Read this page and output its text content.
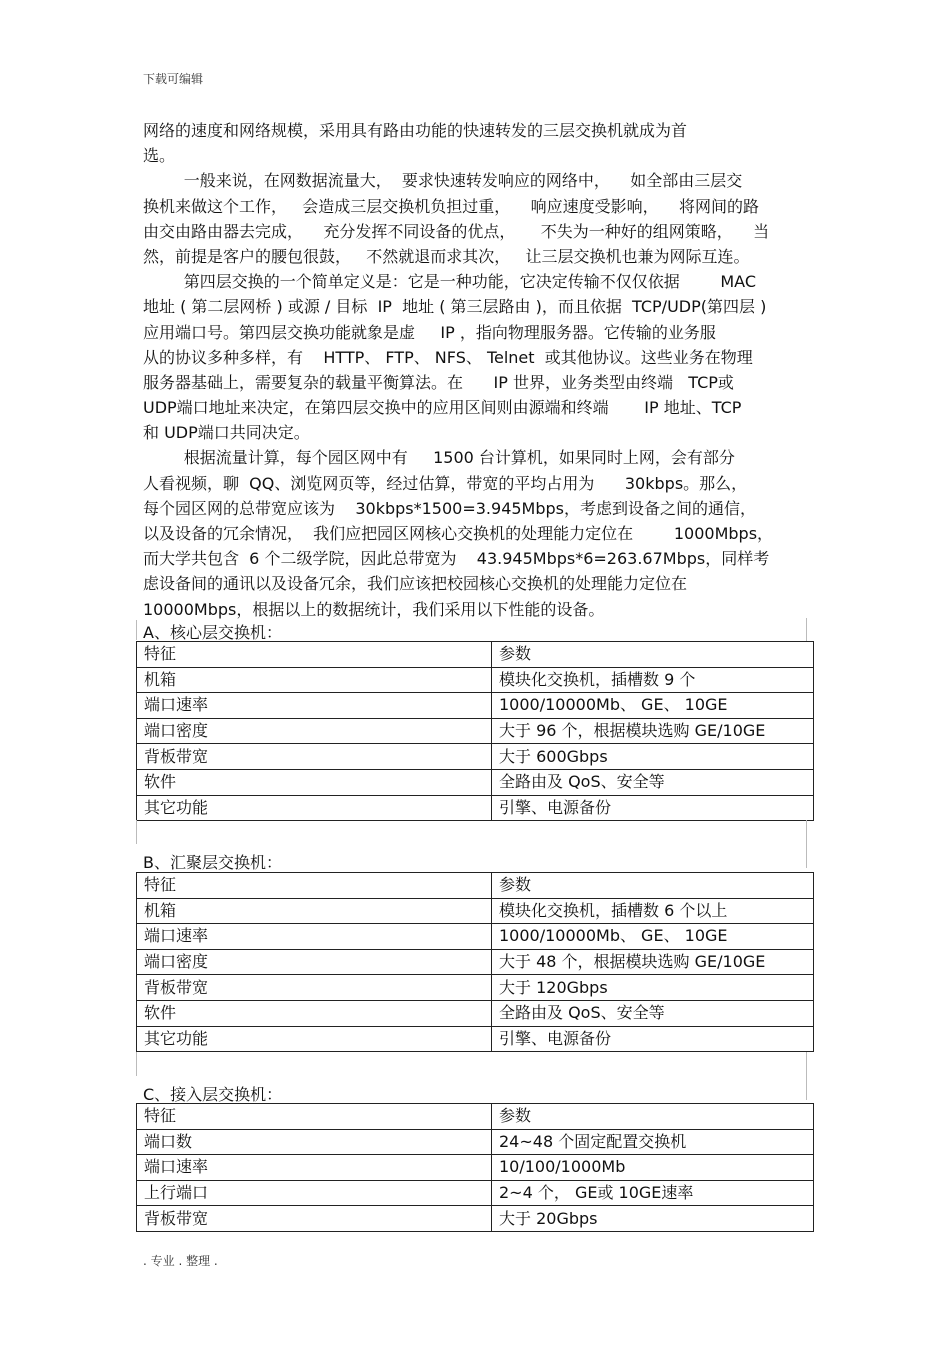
下载可编辑
网络的速度和网络规模，采用具有路由功能的快速转发的三层交换机就成为首
选。
一般来说，在网数据流量大，  要求快速转发响应的网络中，    如全部由三层交
换机来做这个工作，   会造成三层交换机负担过重，    响应速度受影响，    将网间的路
由交由路由器去完成，    充分发挥不同设备的优点，     不失为一种好的组网策略，    当
然，前提是客户的腰包很鼓，   不然就退而求其次，   让三层交换机也兼为网际互连。
第四层交换的一个简单定义是：它是一种功能，它决定传输不仅仅依据        MAC
地址 ( 第二层网桥 ) 或源 / 目标  IP  地址 ( 第三层路由 )，而且依据  TCP/UDP(第四层 )
应用端口号。第四层交换功能就象是虚     IP ，指向物理服务器。它传输的业务服
从的协议多种多样，有    HTTP、 FTP、 NFS、 Telnet  或其他协议。这些业务在物理
服务器基础上，需要复杂的载量平衡算法。在      IP 世界，业务类型由终端   TCP或
UDP端口地址来决定，在第四层交换中的应用区间则由源端和终端       IP 地址、TCP
和 UDP端口共同决定。
根据流量计算，每个园区网中有     1500 台计算机，如果同时上网，会有部分
人看视频，聊  QQ、浏览网页等，经过估算，带宽的平均占用为      30kbps。那么，
每个园区网的总带宽应该为    30kbps*1500=3.945Mbps，考虑到设备之间的通信，
以及设备的冗余情况，  我们应把园区网核心交换机的处理能力定位在        1000Mbps，
而大学共包含  6 个二级学院，因此总带宽为    43.945Mbps*6=263.67Mbps，同样考
虑设备间的通讯以及设备冗余，我们应该把校园核心交换机的处理能力定位在
10000Mbps，根据以上的数据统计，我们采用以下性能的设备。
A、核心层交换机：
特征	参数
机箱	模块化交换机，插槽数 9 个
端口速率	1000/10000Mb、 GE、 10GE
端口密度	大于 96 个，根据模块选购 GE/10GE
背板带宽	大于 600Gbps
软件	全路由及 QoS、安全等
其它功能	引擎、电源备份
B、汇聚层交换机：
特征	参数
机箱	模块化交换机，插槽数 6 个以上
端口速率	1000/10000Mb、 GE、 10GE
端口密度	大于 48 个，根据模块选购 GE/10GE
背板带宽	大于 120Gbps
软件	全路由及 QoS、安全等
其它功能	引擎、电源备份
C、接入层交换机：
特征	参数
端口数	24~48 个固定配置交换机
端口速率	10/100/1000Mb
上行端口	2~4 个， GE或 10GE速率
背板带宽	大于 20Gbps
. 专业 . 整理 .
